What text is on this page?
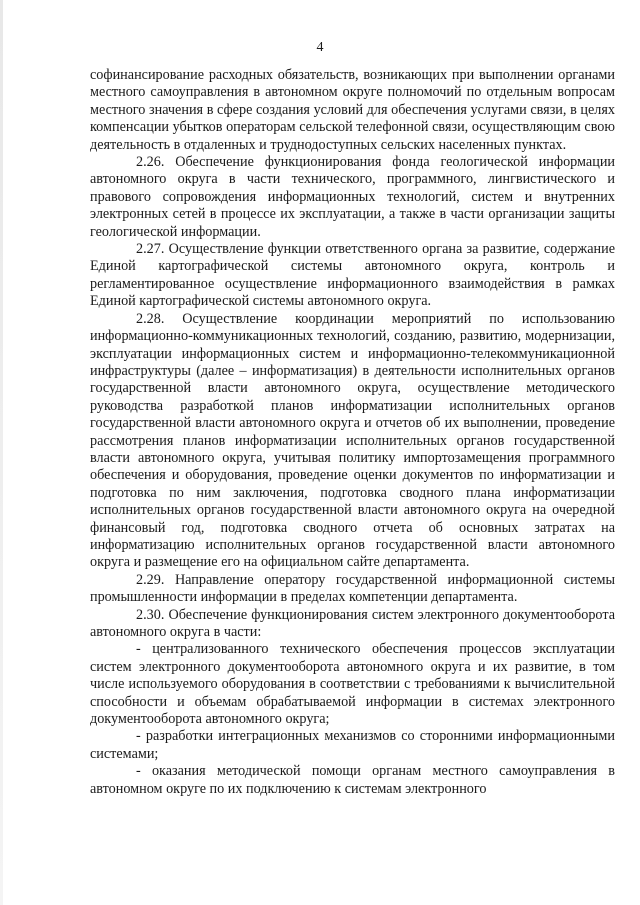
4

софинансирование расходных обязательств, возникающих при выполнении органами местного самоуправления в автономном округе полномочий по отдельным вопросам местного значения в сфере создания условий для обеспечения услугами связи, в целях компенсации убытков операторам сельской телефонной связи, осуществляющим свою деятельность в отдаленных и труднодоступных сельских населенных пунктах.

2.26. Обеспечение функционирования фонда геологической информации автономного округа в части технического, программного, лингвистического и правового сопровождения информационных технологий, систем и внутренних электронных сетей в процессе их эксплуатации, а также в части организации защиты геологической информации.

2.27. Осуществление функции ответственного органа за развитие, содержание Единой картографической системы автономного округа, контроль и регламентированное осуществление информационного взаимодействия в рамках Единой картографической системы автономного округа.

2.28. Осуществление координации мероприятий по использованию информационно-коммуникационных технологий, созданию, развитию, модернизации, эксплуатации информационных систем и информационно-телекоммуникационной инфраструктуры (далее – информатизация) в деятельности исполнительных органов государственной власти автономного округа, осуществление методического руководства разработкой планов информатизации исполнительных органов государственной власти автономного округа и отчетов об их выполнении, проведение рассмотрения планов информатизации исполнительных органов государственной власти автономного округа, учитывая политику импортозамещения программного обеспечения и оборудования, проведение оценки документов по информатизации и подготовка по ним заключения, подготовка сводного плана информатизации исполнительных органов государственной власти автономного округа на очередной финансовый год, подготовка сводного отчета об основных затратах на информатизацию исполнительных органов государственной власти автономного округа и размещение его на официальном сайте департамента.

2.29. Направление оператору государственной информационной системы промышленности информации в пределах компетенции департамента.

2.30. Обеспечение функционирования систем электронного документооборота автономного округа в части:

- централизованного технического обеспечения процессов эксплуатации систем электронного документооборота автономного округа и их развитие, в том числе используемого оборудования в соответствии с требованиями к вычислительной способности и объемам обрабатываемой информации в системах электронного документооборота автономного округа;

- разработки интеграционных механизмов со сторонними информационными системами;

- оказания методической помощи органам местного самоуправления в автономном округе по их подключению к системам электронного
